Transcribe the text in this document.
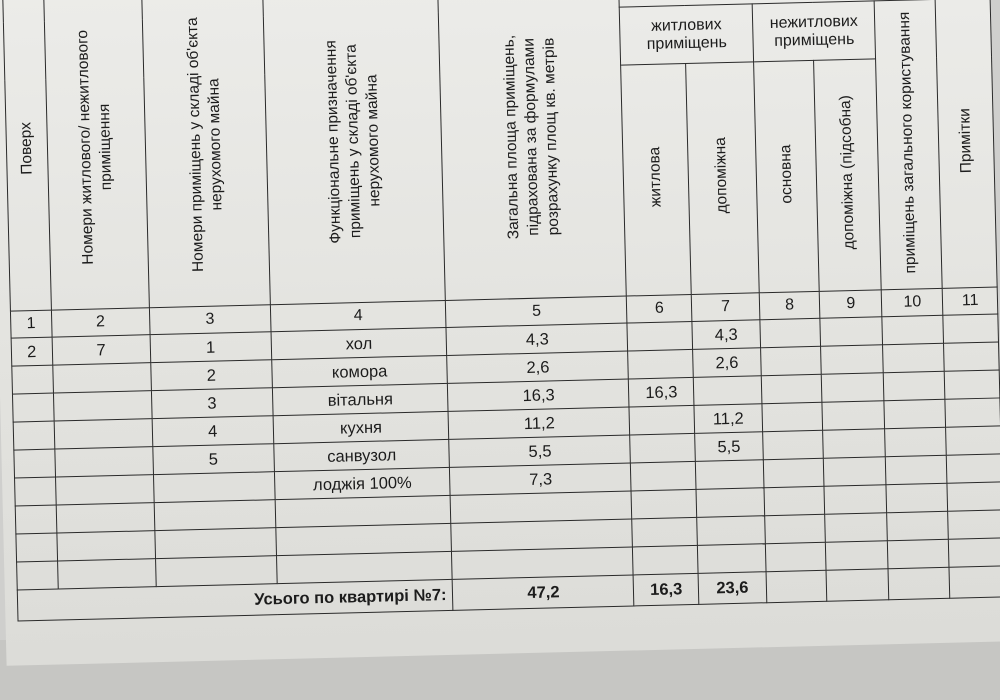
Поверх	Номери житлового/ нежитлового приміщення	Номери приміщень у складі об'єкта нерухомого майна	Функціональне призначення приміщень у складі об'єкта нерухомого майна	Загальна площа приміщень, підрахована за формулами розрахунку площ кв. метрів	
					житлових приміщень		нежитлових приміщень		приміщень загального користування	Примітки
					житлова	допоміжна	основна	допоміжна (підсобна)		
1	2	3	4	5	6	7	8	9	10	11
2	7	1	хол	4,3		4,3				
		2	комора	2,6		2,6				
		3	вітальня	16,3	16,3					
		4	кухня	11,2		11,2				
		5	санвузол	5,5		5,5				
			лоджія 100%	7,3						

Усього по квартирі №7:				47,2	16,3	23,6				
